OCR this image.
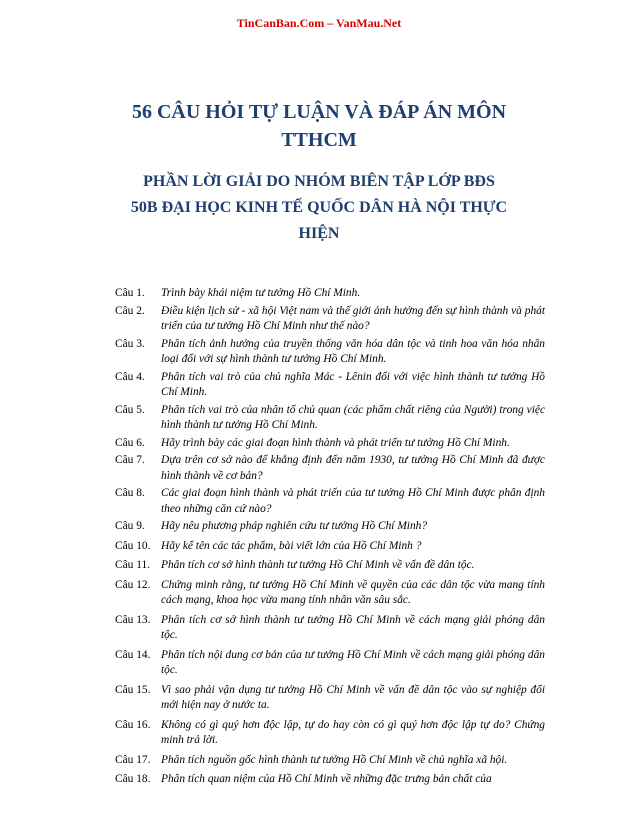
TinCanBan.Com – VanMau.Net
56 CÂU HỎI TỰ LUẬN VÀ ĐÁP ÁN MÔN
TTHCM
PHẦN LỜI GIẢI DO NHÓM BIÊN TẬP LỚP BĐS
50B ĐẠI HỌC KINH TẾ QUỐC DÂN HÀ NỘI THỰC
HIỆN
Câu 1.	Trình bày khái niệm tư tưởng Hồ Chí Minh.
Câu 2.	Điều kiện lịch sử - xã hội Việt nam và thế giới ảnh hưởng đến sự hình thành và phát triển của tư tưởng Hồ Chí Minh như thế nào?
Câu 3.	Phân tích ảnh hưởng của truyền thống văn hóa dân tộc và tinh hoa văn hóa nhân loại đối với sự hình thành tư tưởng Hồ Chí Minh.
Câu 4.	Phân tích vai trò của chủ nghĩa Mác - Lênin đối với việc hình thành tư tưởng Hồ Chí Minh.
Câu 5.	Phân tích vai trò của nhân tố chủ quan (các phẩm chất riêng của Người) trong việc hình thành tư tưởng Hồ Chí Minh.
Câu 6.	Hãy trình bày các giai đoạn hình thành và phát triển tư tưởng Hồ Chí Minh.
Câu 7.	Dựa trên cơ sở nào để khẳng định đến năm 1930, tư tưởng Hồ Chí Minh đã được hình thành về cơ bản?
Câu 8.	Các giai đoạn hình thành và phát triển của tư tưởng Hồ Chí Minh được phân định theo những căn cứ nào?
Câu 9.	Hãy nêu phương pháp nghiên cứu tư tưởng Hồ Chí Minh?
Câu 10. Hãy kể tên các tác phẩm, bài viết lớn của Hồ Chí Minh ?
Câu 11. Phân tích cơ sở hình thành tư tưởng Hồ Chí Minh về vấn đề dân tộc.
Câu 12. Chứng minh rằng, tư tưởng Hồ Chí Minh về quyền của các dân tộc vừa mang tính cách mạng, khoa học vừa mang tính nhân văn sâu sắc.
Câu 13. Phân tích cơ sở hình thành tư tưởng Hồ Chí Minh về cách mạng giải phóng dân tộc.
Câu 14. Phân tích nội dung cơ bản của tư tưởng Hồ Chí Minh về cách mạng giải phóng dân tộc.
Câu 15. Vì sao phải vận dụng tư tưởng Hồ Chí Minh về vấn đề dân tộc vào sự nghiệp đổi mới hiện nay ở nước ta.
Câu 16. Không có gì quý hơn độc lập, tự do hay còn có gì quý hơn độc lập tự do? Chứng minh trả lời.
Câu 17. Phân tích nguồn gốc hình thành tư tưởng Hồ Chí Minh về chủ nghĩa xã hội.
Câu 18. Phân tích quan niệm của Hồ Chí Minh về những đặc trưng bản chất của
